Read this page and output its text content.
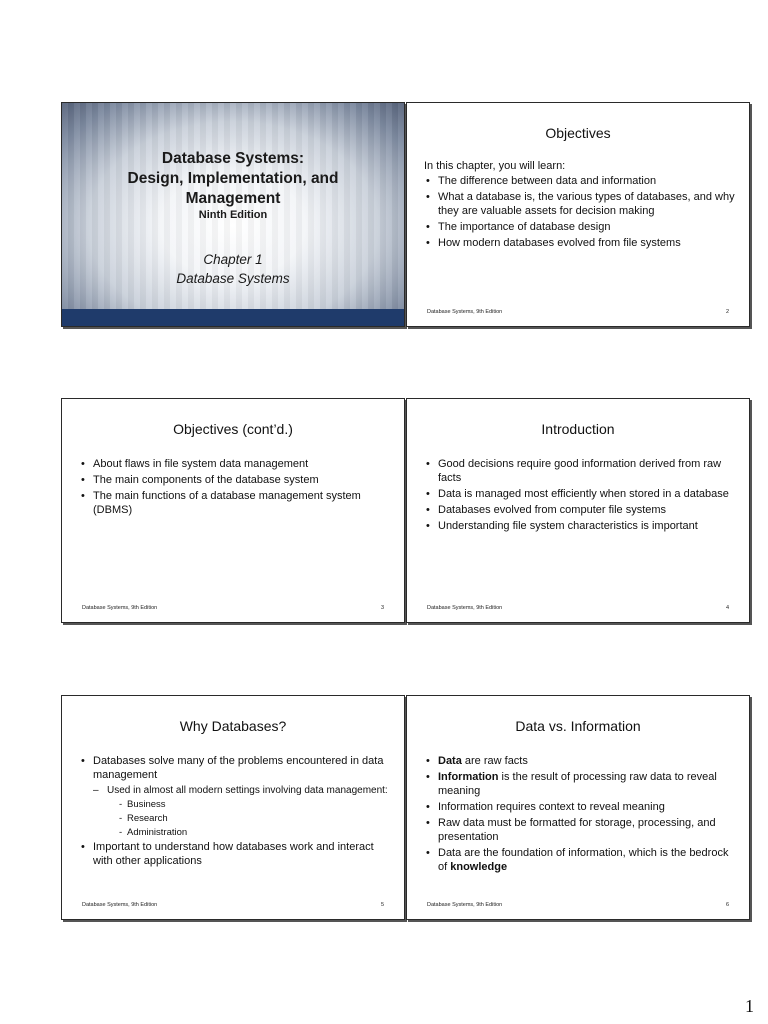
Database Systems:
Design, Implementation, and
Management
Ninth Edition
Chapter 1
Database Systems
Objectives
In this chapter, you will learn:
• The difference between data and information
• What a database is, the various types of databases, and why they are valuable assets for decision making
• The importance of database design
• How modern databases evolved from file systems
Database Systems, 9th Edition	2
Objectives (cont’d.)
• About flaws in file system data management
• The main components of the database system
• The main functions of a database management system (DBMS)
Database Systems, 9th Edition	3
Introduction
• Good decisions require good information derived from raw facts
• Data is managed most efficiently when stored in a database
• Databases evolved from computer file systems
• Understanding file system characteristics is important
Database Systems, 9th Edition	4
Why Databases?
• Databases solve many of the problems encountered in data management
– Used in almost all modern settings involving data management:
- Business
- Research
- Administration
• Important to understand how databases work and interact with other applications
Database Systems, 9th Edition	5
Data vs. Information
• Data are raw facts
• Information is the result of processing raw data to reveal meaning
• Information requires context to reveal meaning
• Raw data must be formatted for storage, processing, and presentation
• Data are the foundation of information, which is the bedrock of knowledge
Database Systems, 9th Edition	6
1
